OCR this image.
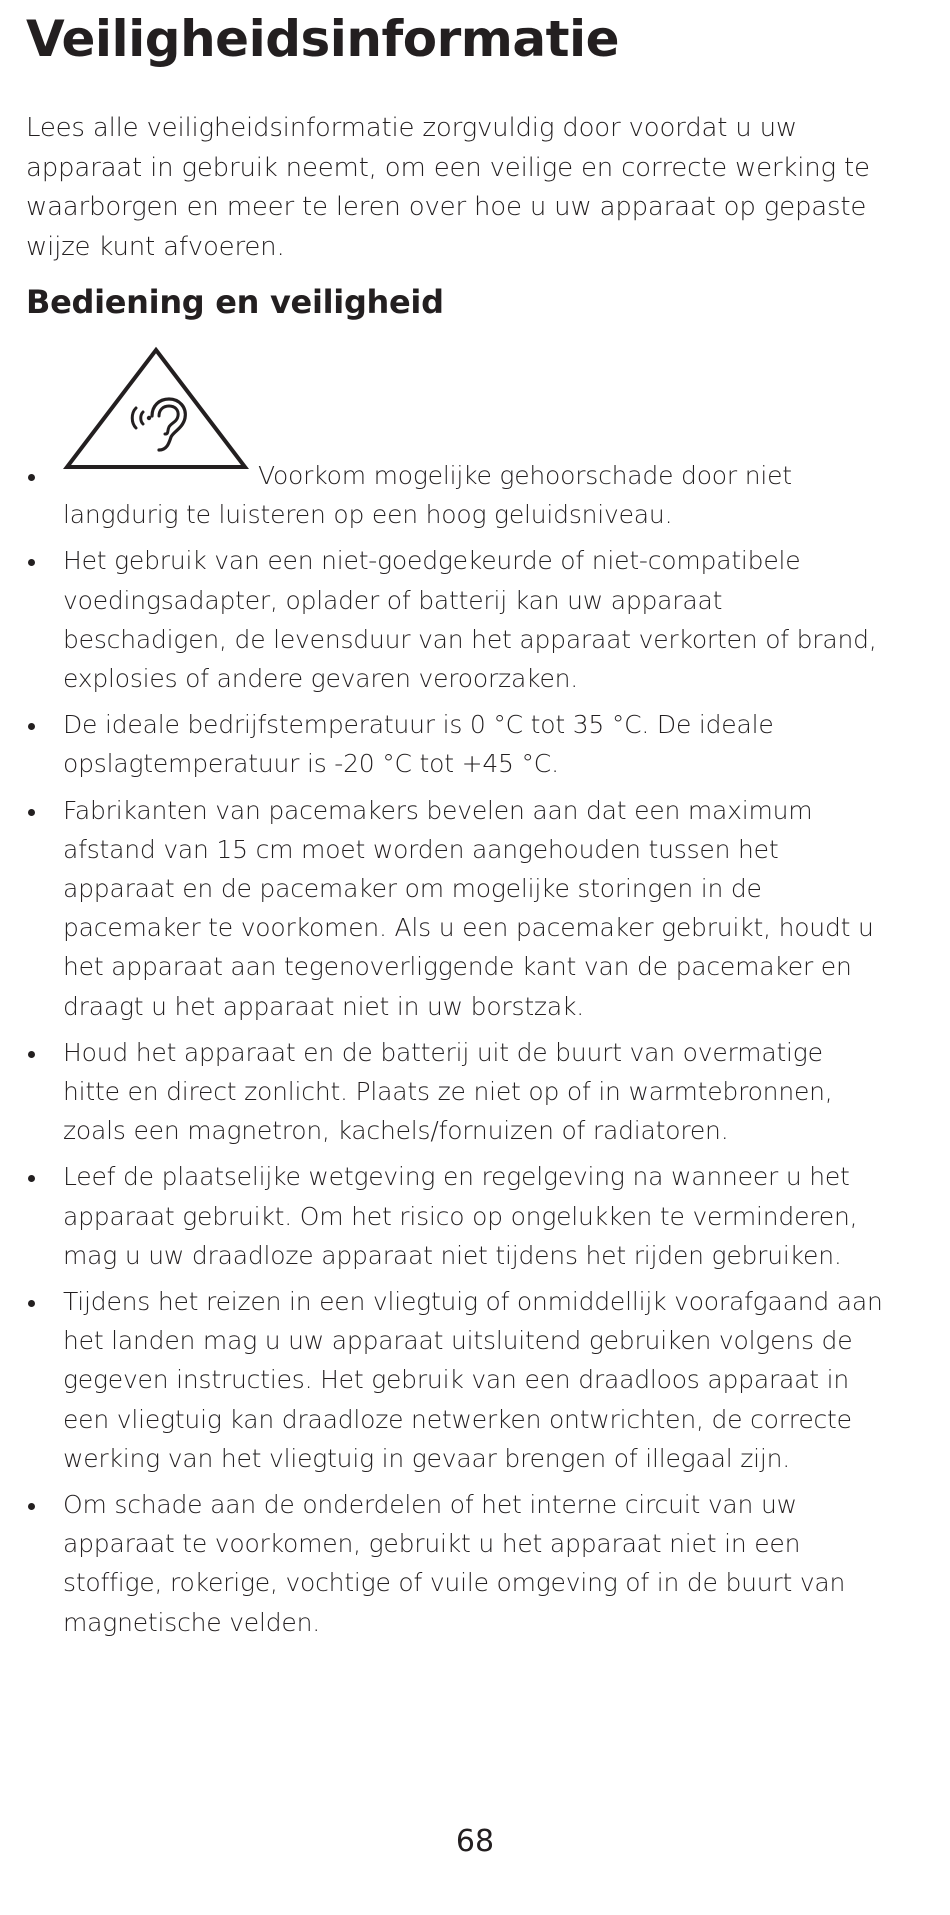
Veiligheidsinformatie

Lees alle veiligheidsinformatie zorgvuldig door voordat u uw apparaat in gebruik neemt, om een veilige en correcte werking te waarborgen en meer te leren over hoe u uw apparaat op gepaste wijze kunt afvoeren.

Bediening en veiligheid
Voorkom mogelijke gehoorschade door niet langdurig te luisteren op een hoog geluidsniveau.
Het gebruik van een niet-goedgekeurde of niet-compatibele voedingsadapter, oplader of batterij kan uw apparaat beschadigen, de levensduur van het apparaat verkorten of brand, explosies of andere gevaren veroorzaken.
De ideale bedrijfstemperatuur is 0 °C tot 35 °C. De ideale opslagtemperatuur is -20 °C tot +45 °C.
Fabrikanten van pacemakers bevelen aan dat een maximum afstand van 15 cm moet worden aangehouden tussen het apparaat en de pacemaker om mogelijke storingen in de pacemaker te voorkomen. Als u een pacemaker gebruikt, houdt u het apparaat aan tegenoverliggende kant van de pacemaker en draagt u het apparaat niet in uw borstzak.
Houd het apparaat en de batterij uit de buurt van overmatige hitte en direct zonlicht. Plaats ze niet op of in warmtebronnen, zoals een magnetron, kachels/fornuizen of radiatoren.
Leef de plaatselijke wetgeving en regelgeving na wanneer u het apparaat gebruikt. Om het risico op ongelukken te verminderen, mag u uw draadloze apparaat niet tijdens het rijden gebruiken.
Tijdens het reizen in een vliegtuig of onmiddellijk voorafgaand aan het landen mag u uw apparaat uitsluitend gebruiken volgens de gegeven instructies. Het gebruik van een draadloos apparaat in een vliegtuig kan draadloze netwerken ontwrichten, de correcte werking van het vliegtuig in gevaar brengen of illegaal zijn.
Om schade aan de onderdelen of het interne circuit van uw apparaat te voorkomen, gebruikt u het apparaat niet in een stoffige, rokerige, vochtige of vuile omgeving of in de buurt van magnetische velden.
68
